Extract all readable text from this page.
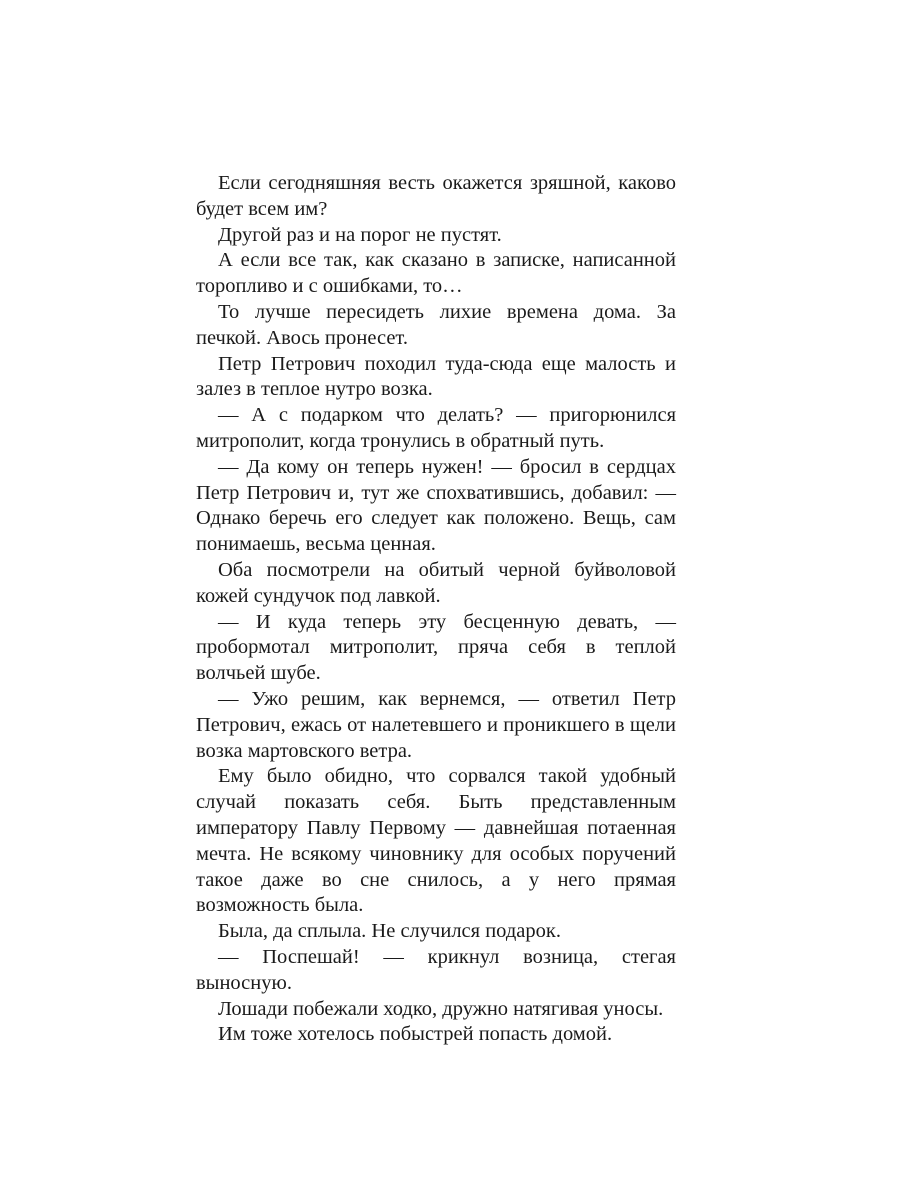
Если сегодняшняя весть окажется зряшной, каково будет всем им?

Другой раз и на порог не пустят.

А если все так, как сказано в записке, написанной торопливо и с ошибками, то…

То лучше пересидеть лихие времена дома. За печкой. Авось пронесет.

Петр Петрович походил туда-сюда еще малость и залез в теплое нутро возка.

— А с подарком что делать? — пригорюнился митрополит, когда тронулись в обратный путь.

— Да кому он теперь нужен! — бросил в сердцах Петр Петрович и, тут же спохватившись, добавил: — Однако беречь его следует как положено. Вещь, сам понимаешь, весьма ценная.

Оба посмотрели на обитый черной буйволовой кожей сундучок под лавкой.

— И куда теперь эту бесценную девать, — пробормотал митрополит, пряча себя в теплой волчьей шубе.

— Ужо решим, как вернемся, — ответил Петр Петрович, ежась от налетевшего и проникшего в щели возка мартовского ветра.

Ему было обидно, что сорвался такой удобный случай показать себя. Быть представленным императору Павлу Первому — давнейшая потаенная мечта. Не всякому чиновнику для особых поручений такое даже во сне снилось, а у него прямая возможность была.

Была, да сплыла. Не случился подарок.

— Поспешай! — крикнул возница, стегая выносную.

Лошади побежали ходко, дружно натягивая уносы.

Им тоже хотелось побыстрей попасть домой.
